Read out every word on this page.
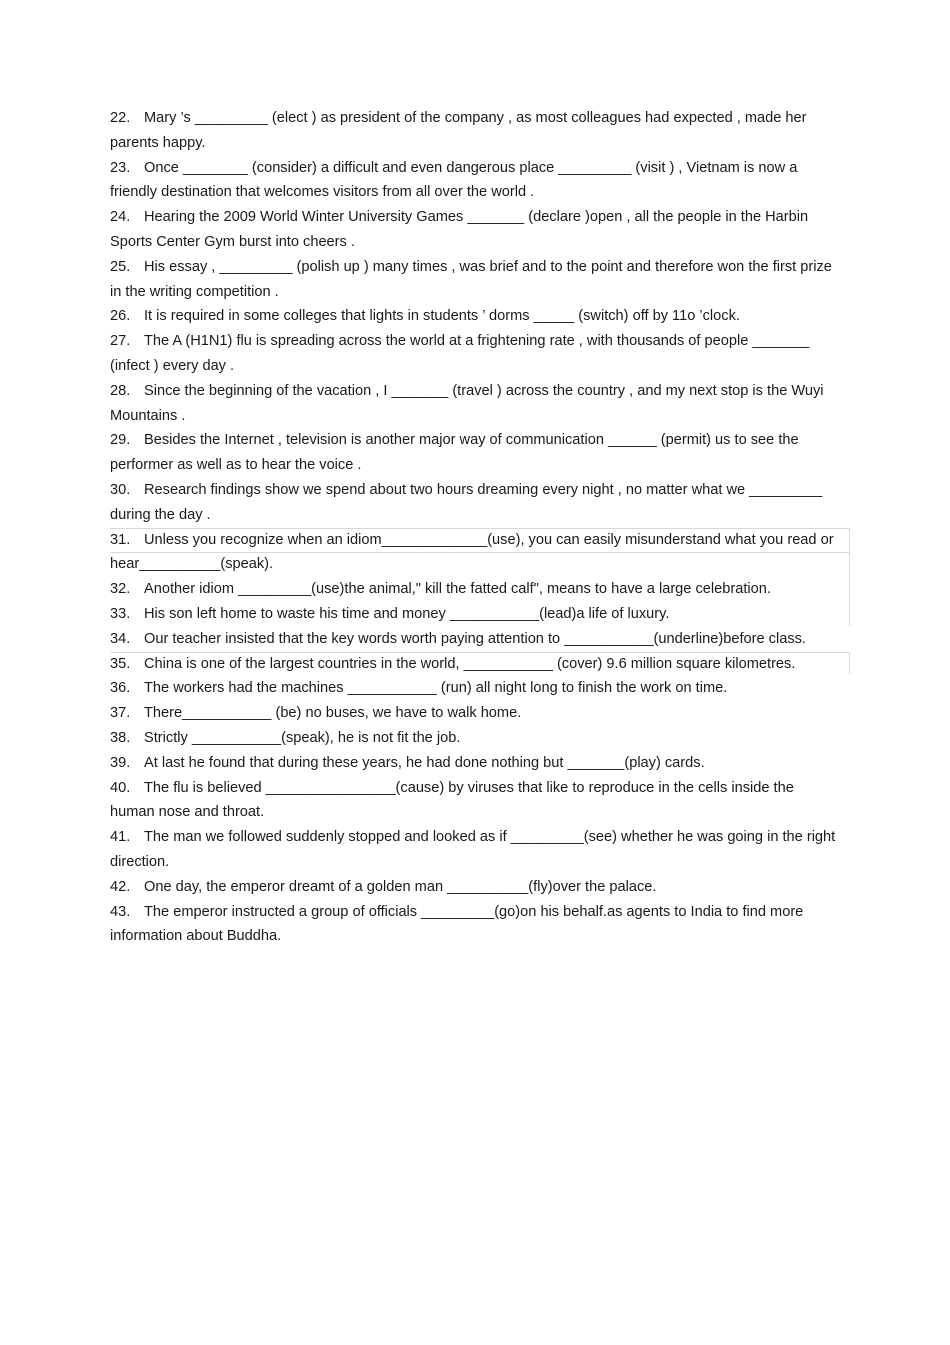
22. Mary ’s _________ (elect ) as president of the company , as most colleagues had expected , made her parents happy.
23. Once ________ (consider) a difficult and even dangerous place _________ (visit ) , Vietnam is now a friendly destination that welcomes visitors from all over the world .
24. Hearing the 2009 World Winter University Games _______ (declare )open , all the people in the Harbin Sports Center Gym burst into cheers .
25. His essay , _________ (polish up ) many times , was brief and to the point and therefore won the first prize in the writing competition .
26. It is required in some colleges that lights in students ’ dorms _____ (switch) off by 11o ’clock.
27. The A (H1N1) flu is spreading across the world at a frightening rate , with thousands of people _______ (infect ) every day .
28. Since the beginning of the vacation , I _______ (travel ) across the country , and my next stop is the Wuyi Mountains .
29. Besides the Internet , television is another major way of communication ______ (permit) us to see the performer as well as to hear the voice .
30. Research findings show we spend about two hours dreaming every night , no matter what we _________ during the day .
31. Unless you recognize when an idiom_____________(use), you can easily misunderstand what you read or hear__________(speak).
32. Another idiom _________(use)the animal," kill the fatted calf", means to have a large celebration.
33. His son left home to waste his time and money ___________(lead)a life of luxury.
34. Our teacher insisted that the key words worth paying attention to ___________(underline)before class.
35. China is one of the largest countries in the world, ___________ (cover) 9.6 million square kilometres.
36. The workers had the machines ___________ (run) all night long to finish the work on time.
37. There___________ (be) no buses, we have to walk home.
38. Strictly ___________(speak), he is not fit the job.
39. At last he found that during these years, he had done nothing but _______(play) cards.
40. The flu is believed ________________(cause) by viruses that like to reproduce in the cells inside the human nose and throat.
41. The man we followed suddenly stopped and looked as if _________(see) whether he was going in the right direction.
42. One day, the emperor dreamt of a golden man __________(fly)over the palace.
43. The emperor instructed a group of officials _________(go)on his behalf.as agents to India to find more information about Buddha.
